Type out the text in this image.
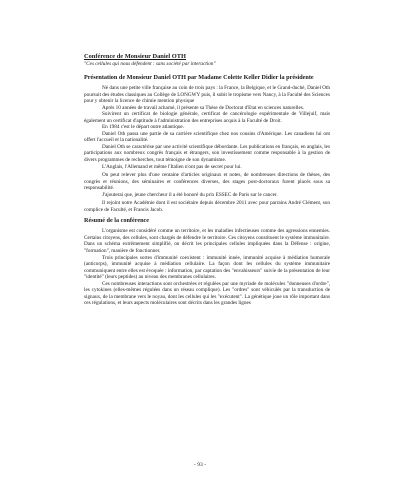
Conférence de Monsieur Daniel OTH
"Ces cellules qui nous défendent : sans société par interaction"
Présentation de Monsieur Daniel OTH par Madame Colette Keller Didier la présidente

Né dans une petite ville française au coin de trois pays : la France, la Belgique, et le Grand-duché, Daniel Oth poursuit des études classiques au Collège de LONGWY puis, il subit le tropisme vers Nancy, à la Faculté des Sciences pour y obtenir la licence de chimie mention physique

Après 10 années de travail acharné, il présente sa Thèse de Doctorat d'Etat en sciences naturelles.

Suivirent un certificat de biologie générale, certificat de cancérologie expérimentale de Villejuif, mais également un certificat d'aptitude à l'administration des entreprises acquis à la Faculté de Droit.

En 1984 c'est le départ outre atlantique.

Daniel Oth passa une partie de sa carrière scientifique chez nos cousins d'Amérique. Les canadiens lui ont offert l'accueil et la nationalité.

Daniel Oth se caractérise par une activité scientifique débordante. Les publications en français, en anglais, les participations aux nombreux congrès français et étrangers, son investissement comme responsable à la gestion de divers programmes de recherches, tout témoigne de son dynamisme.

L'Anglais, l'Allemand et même l'Italien n'ont pas de secret pour lui.

On peut relever plus d'une centaine d'articles originaux et notes, de nombreuses directions de thèses, des congrès et réunions, des séminaires et conférences diverses, des stages post-doctoraux furent placés sous sa responsabilité.

J'ajouterai que, jeune chercheur il a été honoré du prix ESSEC de Paris sur le cancer.

Il rejoint notre Académie dont il est sociétaire depuis décembre 2011 avec pour parrains André Clément, son complice de Faculté, et Francis Jacob.

Résumé de la conférence

L'organisme est considéré comme un territoire, et les maladies infectieuses comme des agressions ennemies. Certains citoyens, des cellules, sont chargés de défendre le territoire. Ces citoyens constituent le système immunitaire. Dans un schéma extrêmement simplifié, on décrit les principales cellules impliquées dans la Défense : origine, "formation", manière de fonctionner.

Trois principales sortes d'immunité coexistent : immunité innée, immunité acquise à médiation humorale (anticorps), immunité acquise à médiation cellulaire. La façon dont les cellules du système immunitaire communiquent entre elles est évoquée : information, par captation des "envahisseurs" suivie de la présentation de leur "identité" (leurs peptides) au niveau des membranes cellulaires.

Ces nombreuses interactions sont orchestrées et régulées par une myriade de molécules "donneuses d'ordre", les cytokines (elles-mêmes régulées dans un réseau complique). Les "ordres" sont véhiculés par la transduction de signaux, de la membrane vers le noyau, dont les cellules qui les "exécutent". La génétique joue un rôle important dans ces régulations, et leurs aspects moléculaires sont décrits dans les grandes lignes

- 93 -
